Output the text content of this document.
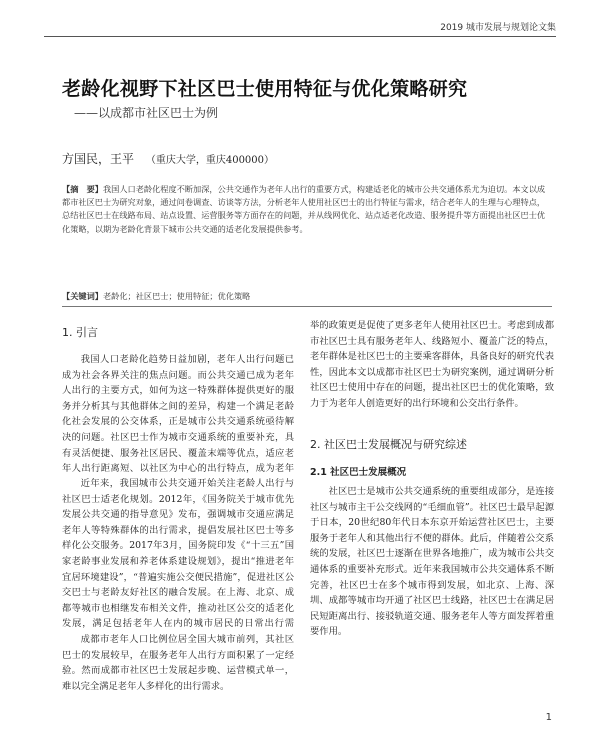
2019 城市发展与规划论文集
老龄化视野下社区巴士使用特征与优化策略研究
——以成都市社区巴士为例
方国民，王平 （重庆大学，重庆400000）
【摘　要】我国人口老龄化程度不断加深，公共交通作为老年人出行的重要方式，构建适老化的城市公共交通体系尤为迫切。本文以成都市社区巴士为研究对象，通过问卷调查、访谈等方法，分析老年人使用社区巴士的出行特征与需求，结合老年人的生理与心理特点，总结社区巴士在线路布局、站点设置、运营服务等方面存在的问题，并从线网优化、站点适老化改造、服务提升等方面提出社区巴士优化策略，以期为老龄化背景下城市公共交通的适老化发展提供参考。
【关键词】老龄化；社区巴士；使用特征；优化策略
1. 引言

我国人口老龄化趋势日益加剧，老年人出行问题已成为社会各界关注的焦点问题。而公共交通已成为老年人出行的主要方式，如何为这一特殊群体提供更好的服务并分析其与其他群体之间的差异，构建一个满足老龄化社会发展的公交体系，正是城市公共交通系统亟待解决的问题。社区巴士作为城市交通系统的重要补充，具有灵活便捷、服务社区居民、覆盖末端等优点，适应老年人出行距离短、以社区为中心的出行特点，成为老年

近年来，我国城市公共交通开始关注老龄人出行与社区巴士适老化规划。2012年，《国务院关于城市优先发展公共交通的指导意见》发布，强调城市交通应满足老年人等特殊群体的出行需求，提倡发展社区巴士等多样化公交服务。2017年3月，国务院印发《“十三五”国家老龄事业发展和养老体系建设规划》，提出“推进老年宜居环境建设”，“普遍实施公交便民措施”，促进社区公交巴士与老龄友好社区的融合发展。在上海、北京、成都等城市也相继发布相关文件，推动社区公交的适老化发展，满足包括老年人在内的城市居民的日常出行需

成都市老年人口比例位居全国大城市前列，其社区巴士的发展较早，在服务老年人出行方面积累了一定经验。然而成都市社区巴士发展起步晚、运营模式单一，难以完全满足老年人多样化的出行需求。

举的政策更是促使了更多老年人使用社区巴士。考虑到成都市社区巴士具有服务老年人、线路短小、覆盖广泛的特点，老年群体是社区巴士的主要乘客群体，具备良好的研究代表性，因此本文以成都市社区巴士为研究案例，通过调研分析社区巴士使用中存在的问题，提出社区巴士的优化策略，致力于为老年人创造更好的出行环境和公交出行条件。

2. 社区巴士发展概况与研究综述
2.1 社区巴士发展概况

社区巴士是城市公共交通系统的重要组成部分，是连接社区与城市主干公交线网的“毛细血管”。社区巴士最早起源于日本，20世纪80年代日本东京开始运营社区巴士，主要服务于老年人和其他出行不便的群体。此后，伴随着公交系统的发展，社区巴士逐渐在世界各地推广，成为城市公共交通体系的重要补充形式。近年来我国城市公共交通体系不断完善，社区巴士在多个城市得到发展，如北京、上海、深圳、成都等城市均开通了社区巴士线路，社区巴士在满足居民短距离出行、接驳轨道交通、服务老年人等方面发挥着重要作用。

1
